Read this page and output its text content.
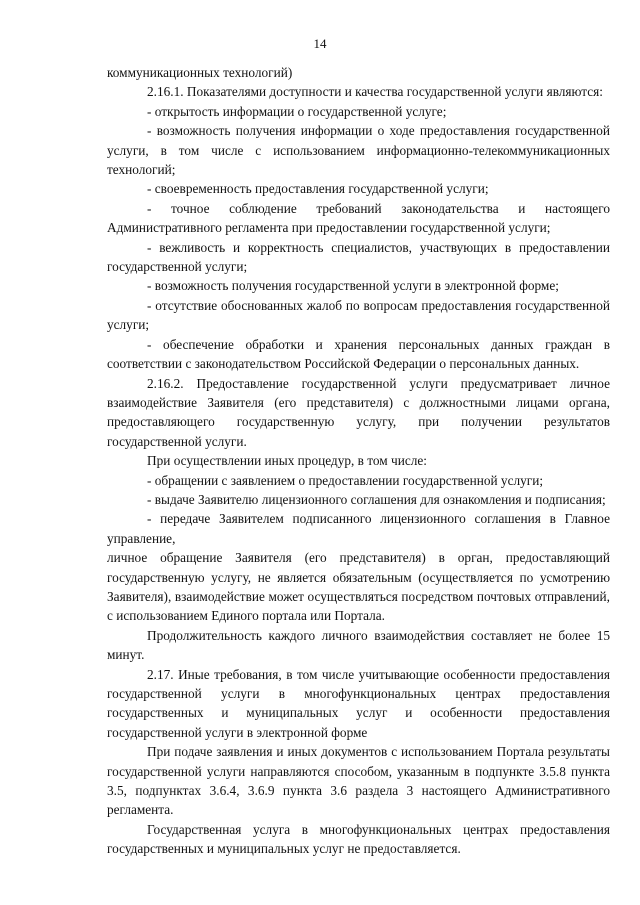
14

коммуникационных технологий)

2.16.1. Показателями доступности и качества государственной услуги являются:

- открытость информации о государственной услуге;

- возможность получения информации о ходе предоставления государственной услуги, в том числе с использованием информационно-телекоммуникационных технологий;

- своевременность предоставления государственной услуги;

- точное соблюдение требований законодательства и настоящего Административного регламента при предоставлении государственной услуги;

- вежливость и корректность специалистов, участвующих в предоставлении государственной услуги;

- возможность получения государственной услуги в электронной форме;

- отсутствие обоснованных жалоб по вопросам предоставления государственной услуги;

- обеспечение обработки и хранения персональных данных граждан в соответствии с законодательством Российской Федерации о персональных данных.

2.16.2. Предоставление государственной услуги предусматривает личное взаимодействие Заявителя (его представителя) с должностными лицами органа, предоставляющего государственную услугу, при получении результатов государственной услуги.

При осуществлении иных процедур, в том числе:

- обращении с заявлением о предоставлении государственной услуги;

- выдаче Заявителю лицензионного соглашения для ознакомления и подписания;

- передаче Заявителем подписанного лицензионного соглашения в Главное управление,

личное обращение Заявителя (его представителя) в орган, предоставляющий государственную услугу, не является обязательным (осуществляется по усмотрению Заявителя), взаимодействие может осуществляться посредством почтовых отправлений, с использованием Единого портала или Портала.

Продолжительность каждого личного взаимодействия составляет не более 15 минут.

2.17. Иные требования, в том числе учитывающие особенности предоставления государственной услуги в многофункциональных центрах предоставления государственных и муниципальных услуг и особенности предоставления государственной услуги в электронной форме

При подаче заявления и иных документов с использованием Портала результаты государственной услуги направляются способом, указанным в подпункте 3.5.8 пункта 3.5, подпунктах 3.6.4, 3.6.9 пункта 3.6 раздела 3 настоящего Административного регламента.

Государственная услуга в многофункциональных центрах предоставления государственных и муниципальных услуг не предоставляется.
